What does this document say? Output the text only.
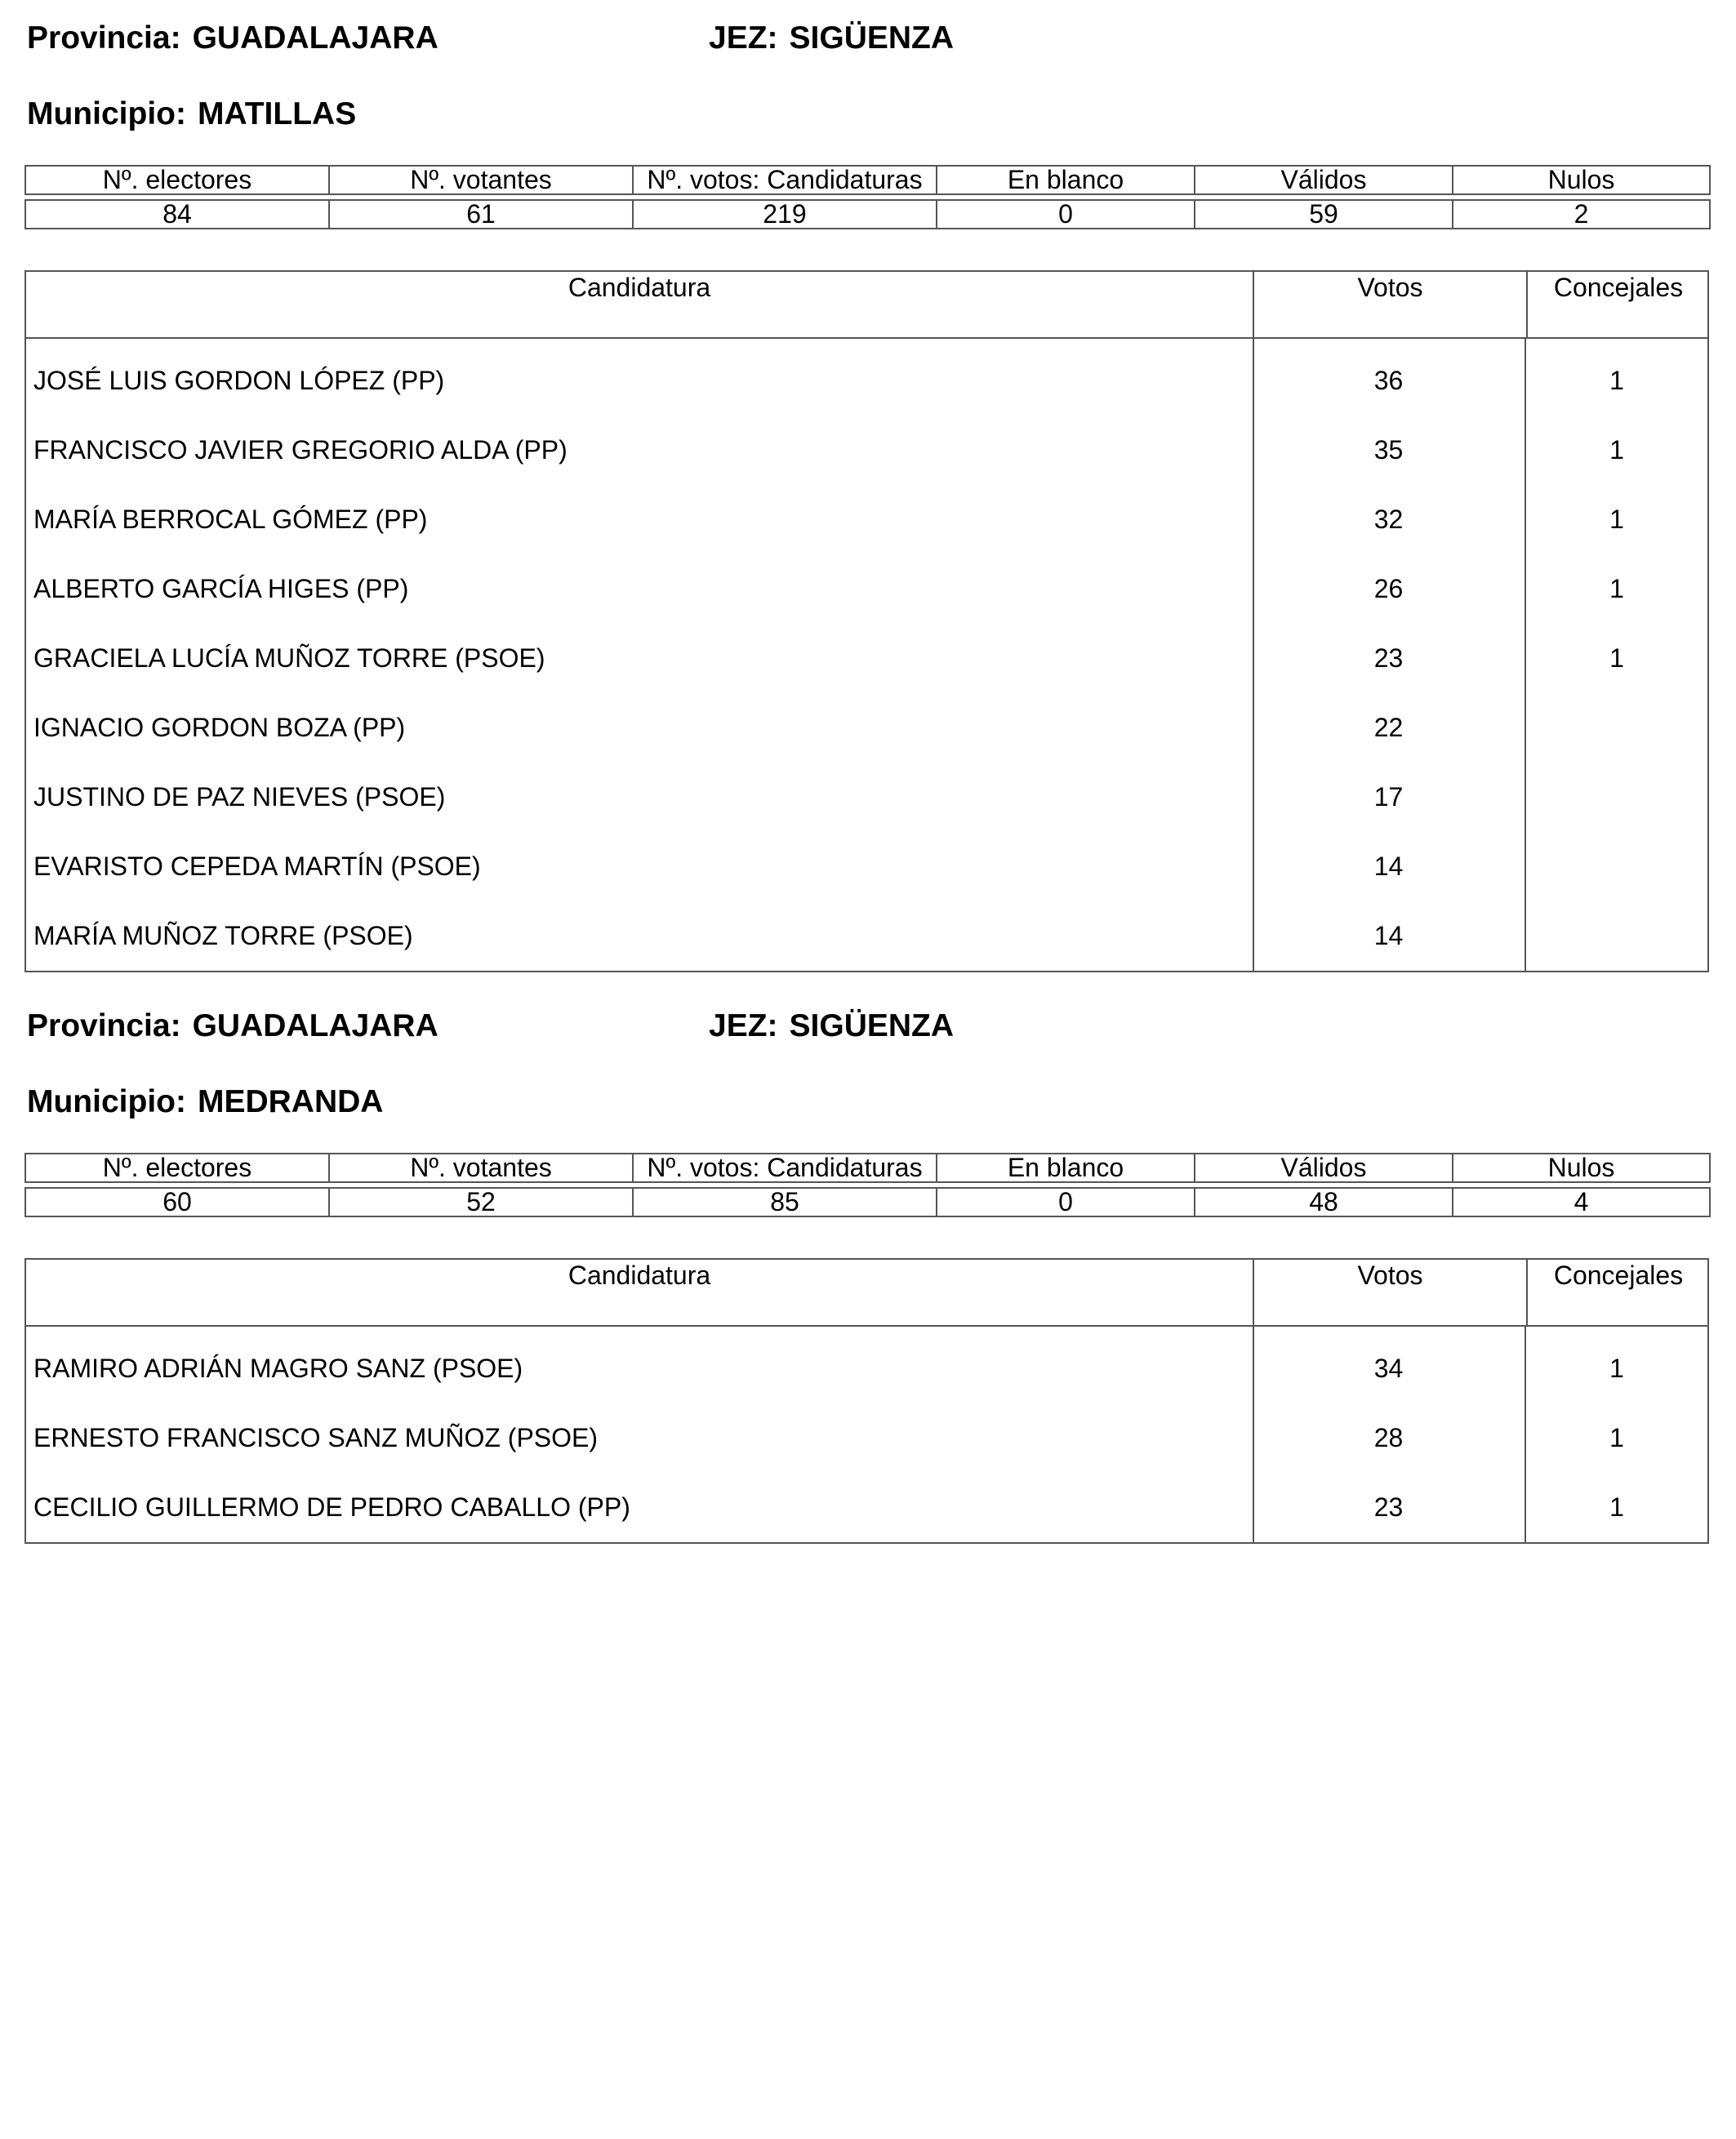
Provincia: GUADALAJARA	JEZ: SIGÜENZA
Municipio: MATILLAS
Nº. electores	Nº. votantes	Nº. votos: Candidaturas	En blanco	Válidos	Nulos
84	61	219	0	59	2
Candidatura	Votos	Concejales
JOSÉ LUIS GORDON LÓPEZ (PP)	36	1
FRANCISCO JAVIER GREGORIO ALDA (PP)	35	1
MARÍA BERROCAL GÓMEZ (PP)	32	1
ALBERTO GARCÍA HIGES (PP)	26	1
GRACIELA LUCÍA MUÑOZ TORRE (PSOE)	23	1
IGNACIO GORDON BOZA (PP)	22
JUSTINO DE PAZ NIEVES (PSOE)	17
EVARISTO CEPEDA MARTÍN (PSOE)	14
MARÍA MUÑOZ TORRE (PSOE)	14
Provincia: GUADALAJARA	JEZ: SIGÜENZA
Municipio: MEDRANDA
Nº. electores	Nº. votantes	Nº. votos: Candidaturas	En blanco	Válidos	Nulos
60	52	85	0	48	4
Candidatura	Votos	Concejales
RAMIRO ADRIÁN MAGRO SANZ (PSOE)	34	1
ERNESTO FRANCISCO SANZ MUÑOZ (PSOE)	28	1
CECILIO GUILLERMO DE PEDRO CABALLO (PP)	23	1
